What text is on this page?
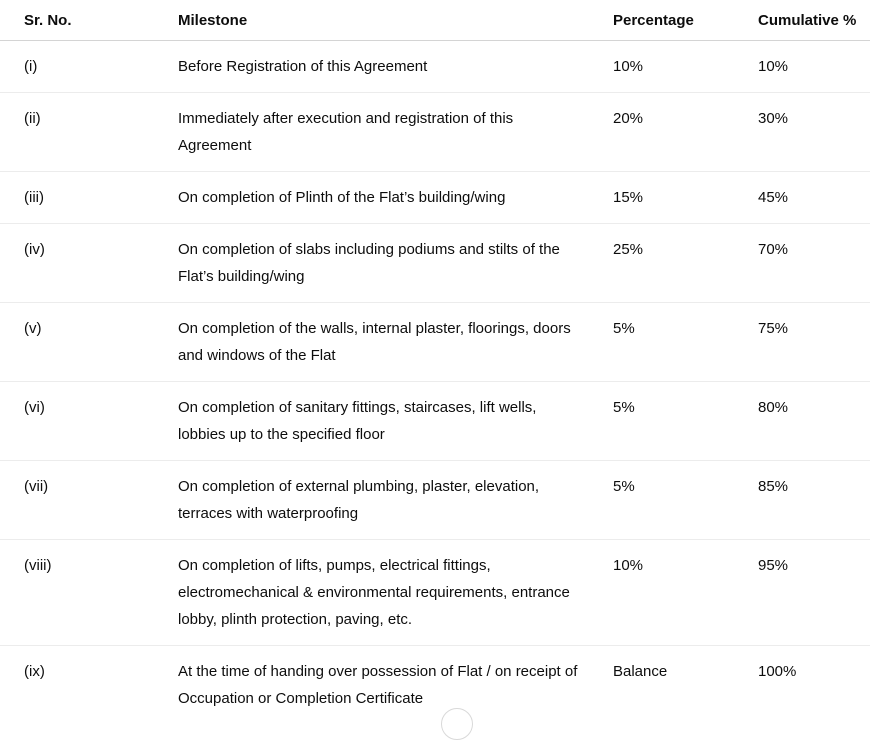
Sr. No.	Milestone	Percentage	Cumulative %
(i)	Before Registration of this Agreement	10%	10%
(ii)	Immediately after execution and registration of this Agreement	20%	30%
(iii)	On completion of Plinth of the Flat’s building/wing	15%	45%
(iv)	On completion of slabs including podiums and stilts of the Flat’s building/wing	25%	70%
(v)	On completion of the walls, internal plaster, floorings, doors and windows of the Flat	5%	75%
(vi)	On completion of sanitary fittings, staircases, lift wells, lobbies up to the specified floor	5%	80%
(vii)	On completion of external plumbing, plaster, elevation, terraces with waterproofing	5%	85%
(viii)	On completion of lifts, pumps, electrical fittings, electromechanical & environmental requirements, entrance lobby, plinth protection, paving, etc.	10%	95%
(ix)	At the time of handing over possession of Flat / on receipt of Occupation or Completion Certificate	Balance	100%
